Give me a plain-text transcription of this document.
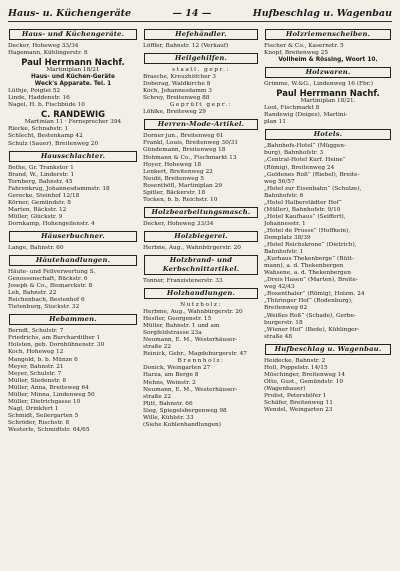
Haus- u. Küchengeräte	— 14 —	Hufbeschlag u. Wagenbau
Haus- und Küchengeräte.
Decker, Hoheweg 33/34
Hagemann, Kühlingerstr. 8
Paul Herrmann Nachf.
Martiniplan 18/21
Haus- und Küchen-Geräte
Weck's Apparate. Tel. 1
Lüthje, Poigtei 52
Linde, Haddenstr. 16
Nagel, H. b. Fischbude 10
C. RANDEWIG
Martinian 11 · Fernsprecher 394
Riecke, Schnabstr. 1
Schlecht, Bestenkamp 42
Schulz (Sauer), Breitenweg 20
Hausschlachter.
Bethe, Gr. Trankstor 1
Brand, W., Linderstr. 1
Tornberg, Bahnstr. 45
Fahrenkrug, Johannesdammstr. 18
Gerecke, Steinhof 12/18
Körner, Gemündstr. 8
Marten, Bäckstr. 12
Müller, Glückstr. 9
Dornkamp, Hohengeilenstr. 4
Häuserbuchner.
Lange, Bahnstr. 60
Häutehandlungen.
Häute- und Fellverwertung S.
Genossenschaft, Bückstr. 6
Joseph & Co., Bismarckstr. 8
Leh, Bahnstr. 22
Reichenbach, Bestenhof 6
Tietenburg, Stockstr. 32
Hebammen.
Berndt, Schulstr. 7
Friedrichs, am Burchardither 1
Holsten, geb. Dornbühnenstr. 30
Koch, Hoheweg 12
Mangold, b. b. Münze 6
Meyer, Bahnstr. 21
Meyer, Schulstr. 7
Müller, Stedenstr. 8
Müller, Anna, Breiteweg 64
Müller, Minna, Lindenweg 50
Müller, Dietrichgasse 10
Nagl, Drinkfert 1
Schmidt, Seilergarten 5
Schröder, Rischstr. 8
Westerle, Schmidtstr. 64/65
Hefehändler.
Löffler, Bahnstr. 12 (Verkauf)
Heilgehilfen.
staatl. gepr.:
Brasche, Kreuzhöfcher 3
Doberag, Waldkirche 8
Koch, Johannesdamm 3
Schrey, Breitenweg 88
Geprüft gepr.:
Löhlke, Breiteweg 29
Herren-Mode-Artikel.
Dorner jun., Breitenweg 61
Frankl, Louis, Breitenweg 30/31
Gündemann, Breitenweg 18
Hohmann & Co., Fischmarkt 13
Hoyer, Hoheweg 18
Lenkert, Breitenweg 22
Neubi, Breitenweg 5
Rosenthöfl, Martiniplan 29
Spitler, Bäckerstr. 18
Tocken, b. b. Reichstr. 10
Holzbearbeitungsmasch.
Decker, Hoheweg 33/34
Holzbiegerei.
Herbne, Aug., Wahnbürgerstr. 20
Holzbrand- und Kerbschnittartikel.
Tonner, Franzistenerstr. 33
Holzhandlungen.
Nutzholz:
Herbme, Aug., Wahnbürgerstr. 20
Hesfler, Georgenstr. 15
Müller, Bahnstr. 1 und am
Sorgfeldstrasse 23a
Neumann, E. M., Westerhäuser-
straße 22
Reinick, Gebr., Magdeburgerstr. 47
Brennholz:
Donick, Weingarten 27
Harza, am Berge 8
Mehns, Weinstr. 2
Neumann, E. M., Westerhäuser-
straße 22
Plitt, Bahnstr. 66
Sieg, Spiegelsbergenweg 98
Wille, Kühlstr. 33
(Siehe Kohlenhandlungen)
Holzriemenscheiben.
Fischer & Co., Kasernstr. 5
Knopf, Breitenweg 25
Vollheim & Rössing, Woort 10.
Holzwaren.
Grimme, W.&G., Lindenweg 16 (Fbr.)
Paul Herrmann Nachf.
Martiniplan 18/21.
Lool, Fischmarkt 8
Randewig (Deiges), Martini-
plan 11
Hotels.
„Bahnhofs-Hotel“ (Müggen-
burg), Bahnhofstr. 3
„Central-Hotel Kurf. Heine“
(Römig), Breitenweg 24
„Goldenes Roß“ (Riebel), Breite-
weg 56/57
„Hotel zur Eisenbahn“ (Schulze),
Bahnhofstr. 6
„Hotel Halberstädter Hof“
(Müller), Bahnhofstr. 9/10
„Hotel Kaufhaus“ (Seiffert),
Johannesstr. 1
„Hotel de Prusse“ (Hoffkein),
Domplatz 38/39
„Hotel Reichskrone“ (Dietrich),
Bahnhofstr. 1
„Kurhaus Thekenberge“ (Bütt-
mann), a. d. Thekenbergen
Wahsene, a. d. Thekenbergen
„Dreis Hasen“ (Marten), Breite-
weg 42/43
„Rosenthaler“ (Römig), Holzm. 24
„Thüringer Hof“ (Rodenburg),
Breitenweg 62
„Weißes Roß“ (Schade), Gerbe-
burgerstr. 18
„Wiener Hof“ (Bede), Kühlinger-
straße 48
Hufbeschlag u. Wagenbau.
Heidecke, Bahnstr. 2
Holl, Poppelstr. 14/15
Möschinger, Breitenweg 14
Otto, Gust., Gemündstr. 10
(Wagenbauer)
Probst, Petershöfer 1
Schäfer, Breitenweg 11
Wendel, Weingarten 23
